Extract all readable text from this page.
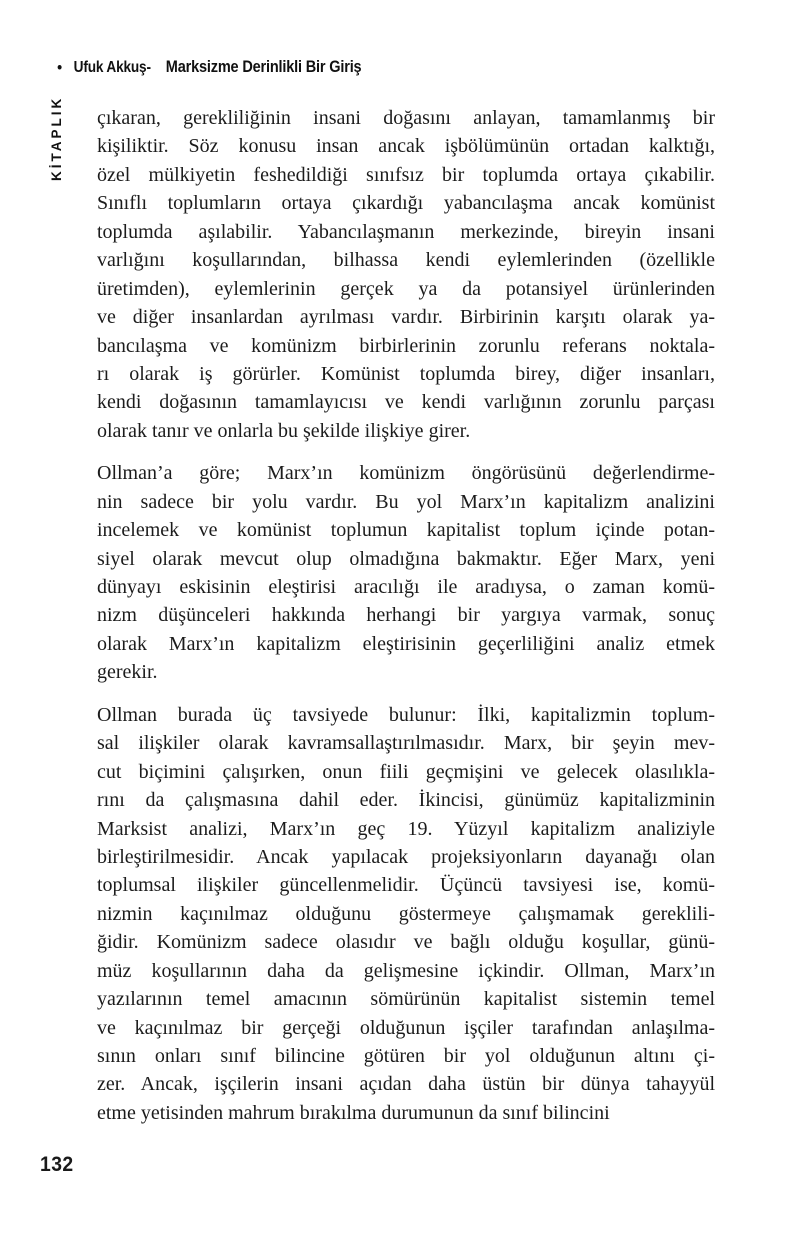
• Ufuk Akkuş- Marksizme Derinlikli Bir Giriş
KİTAPLIK çıkaran, gerekliliğinin insani doğasını anlayan, tamamlanmış bir
kişiliktir. Söz konusu insan ancak işbölümünün ortadan kalktığı,
özel mülkiyetin feshedildiği sınıfsız bir toplumda ortaya çıkabilir.
Sınıflı toplumların ortaya çıkardığı yabancılaşma ancak komünist
toplumda aşılabilir. Yabancılaşmanın merkezinde, bireyin insani
varlığını koşullarından, bilhassa kendi eylemlerinden (özellikle
üretimden), eylemlerinin gerçek ya da potansiyel ürünlerinden
ve diğer insanlardan ayrılması vardır. Birbirinin karşıtı olarak ya-
bancılaşma ve komünizm birbirlerinin zorunlu referans noktala-
rı olarak iş görürler. Komünist toplumda birey, diğer insanları,
kendi doğasının tamamlayıcısı ve kendi varlığının zorunlu parçası
olarak tanır ve onlarla bu şekilde ilişkiye girer.
Ollman’a göre; Marx’ın komünizm öngörüsünü değerlendirme-
nin sadece bir yolu vardır. Bu yol Marx’ın kapitalizm analizini
incelemek ve komünist toplumun kapitalist toplum içinde potan-
siyel olarak mevcut olup olmadığına bakmaktır. Eğer Marx, yeni
dünyayı eskisinin eleştirisi aracılığı ile aradıysa, o zaman komü-
nizm düşünceleri hakkında herhangi bir yargıya varmak, sonuç
olarak Marx’ın kapitalizm eleştirisinin geçerliliğini analiz etmek
gerekir.
Ollman burada üç tavsiyede bulunur: İlki, kapitalizmin toplum-
sal ilişkiler olarak kavramsallaştırılmasıdır. Marx, bir şeyin mev-
cut biçimini çalışırken, onun fiili geçmişini ve gelecek olasılıkla-
rını da çalışmasına dahil eder. İkincisi, günümüz kapitalizminin
Marksist analizi, Marx’ın geç 19. Yüzyıl kapitalizm analiziyle
birleştirilmesidir. Ancak yapılacak projeksiyonların dayanağı olan
toplumsal ilişkiler güncellenmelidir. Üçüncü tavsiyesi ise, komü-
nizmin kaçınılmaz olduğunu göstermeye çalışmamak gereklili-
ğidir. Komünizm sadece olasıdır ve bağlı olduğu koşullar, günü-
müz koşullarının daha da gelişmesine içkindir. Ollman, Marx’ın
yazılarının temel amacının sömürünün kapitalist sistemin temel
ve kaçınılmaz bir gerçeği olduğunun işçiler tarafından anlaşılma-
sının onları sınıf bilincine götüren bir yol olduğunun altını çi-
zer. Ancak, işçilerin insani açıdan daha üstün bir dünya tahayyül
etme yetisinden mahrum bırakılma durumunun da sınıf bilincini
132
